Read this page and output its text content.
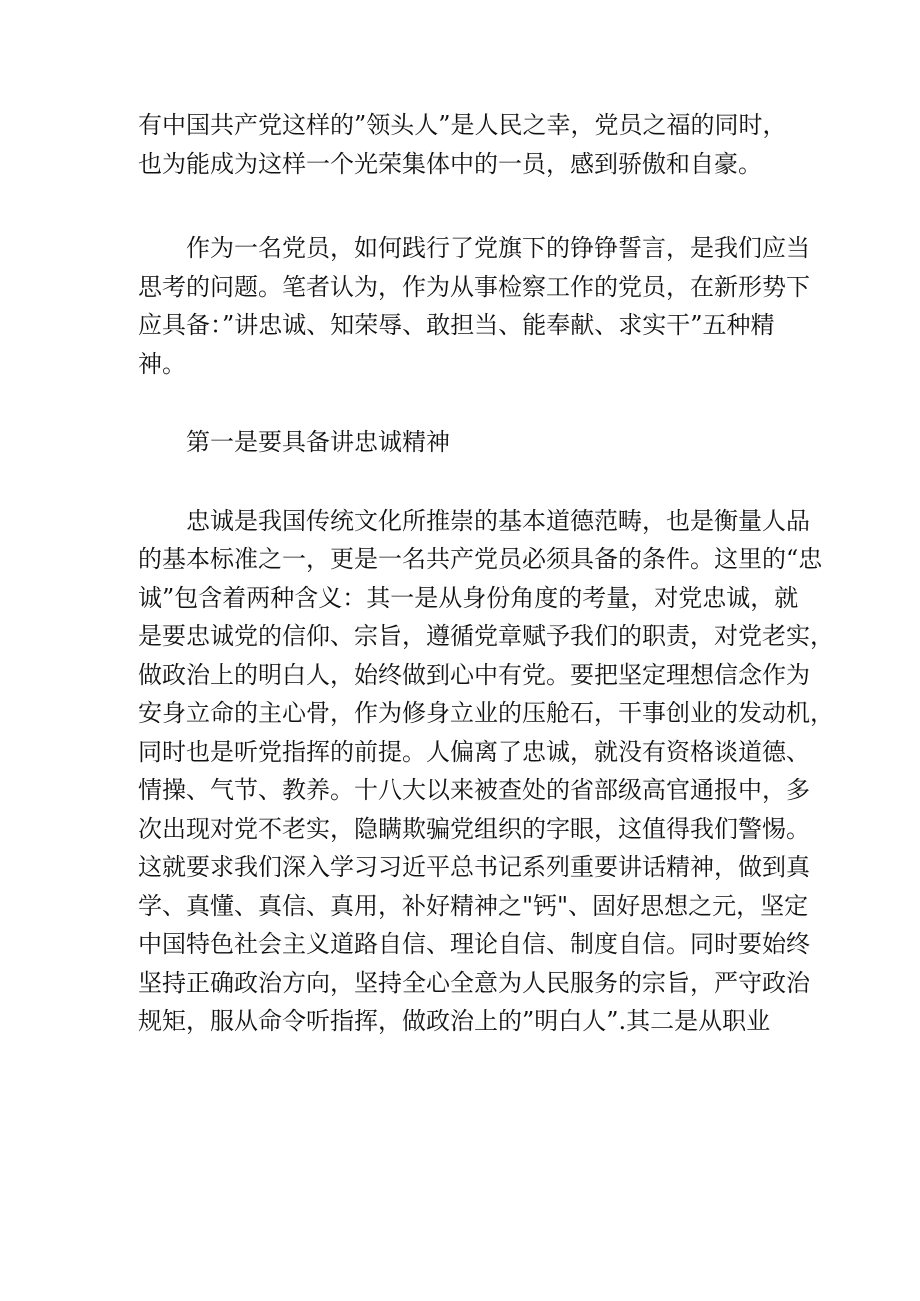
有中国共产党这样的”领头人”是人民之幸，党员之福的同时，
也为能成为这样一个光荣集体中的一员，感到骄傲和自豪。
作为一名党员，如何践行了党旗下的铮铮誓言，是我们应当
思考的问题。笔者认为，作为从事检察工作的党员，在新形势下
应具备：”讲忠诚、知荣辱、敢担当、能奉献、求实干”五种精
神。
第一是要具备讲忠诚精神
忠诚是我国传统文化所推崇的基本道德范畴，也是衡量人品
的基本标准之一，更是一名共产党员必须具备的条件。这里的“忠
诚”包含着两种含义：其一是从身份角度的考量，对党忠诚，就
是要忠诚党的信仰、宗旨，遵循党章赋予我们的职责，对党老实，
做政治上的明白人，始终做到心中有党。要把坚定理想信念作为
安身立命的主心骨，作为修身立业的压舱石，干事创业的发动机，
同时也是听党指挥的前提。人偏离了忠诚，就没有资格谈道德、
情操、气节、教养。十八大以来被查处的省部级高官通报中，多
次出现对党不老实，隐瞒欺骗党组织的字眼，这值得我们警惕。
这就要求我们深入学习习近平总书记系列重要讲话精神，做到真
学、真懂、真信、真用，补好精神之"钙"、固好思想之元，坚定
中国特色社会主义道路自信、理论自信、制度自信。同时要始终
坚持正确政治方向，坚持全心全意为人民服务的宗旨，严守政治
规矩，服从命令听指挥，做政治上的”明白人”.其二是从职业
